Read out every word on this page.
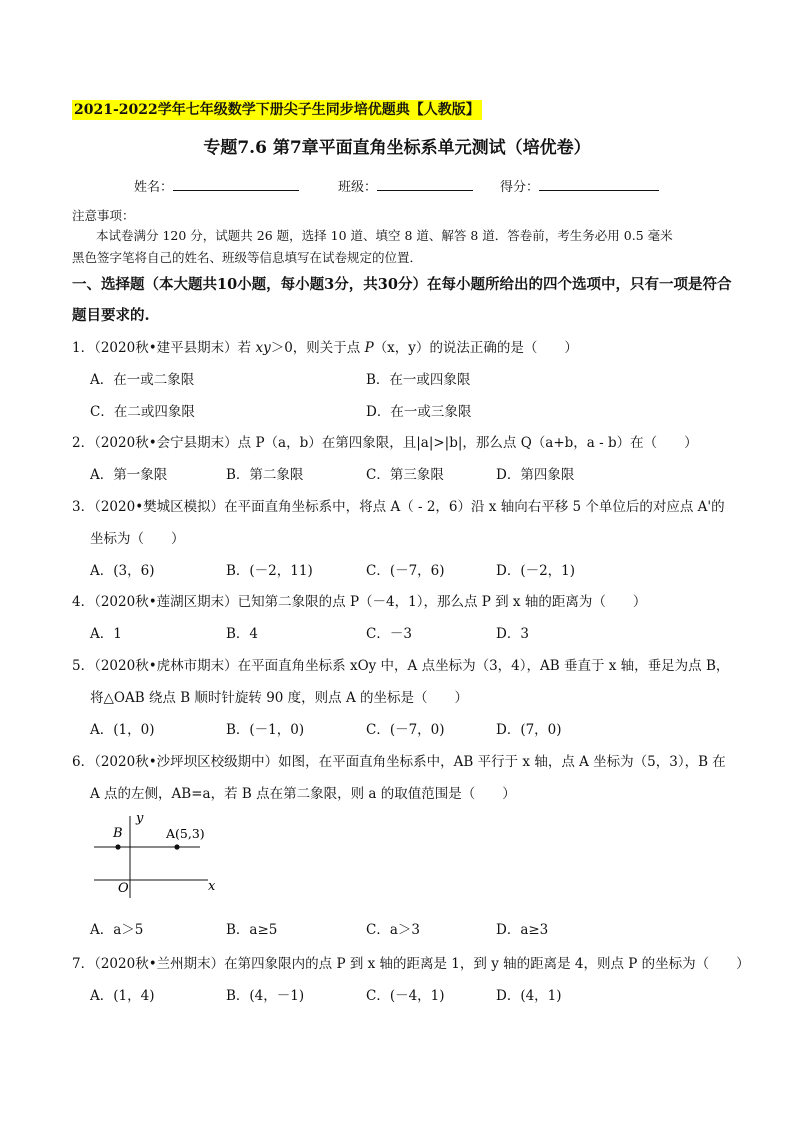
2021-2022学年七年级数学下册尖子生同步培优题典【人教版】
专题7.6 第7章平面直角坐标系单元测试（培优卷）
姓名：	班级：	得分：
注意事项：
本试卷满分 120 分，试题共 26 题，选择 10 道、填空 8 道、解答 8 道．答卷前，考生务必用 0.5 毫米
黑色签字笔将自己的姓名、班级等信息填写在试卷规定的位置．
一、选择题（本大题共10小题，每小题3分，共30分）在每小题所给出的四个选项中，只有一项是符合
题目要求的.
1．（2020秋•建平县期末）若 xy＞0，则关于点 P（x，y）的说法正确的是（　　）
A．在一或二象限	B．在一或四象限
C．在二或四象限	D．在一或三象限
2．（2020秋•会宁县期末）点 P（a，b）在第四象限，且|a|>|b|，那么点 Q（a+b，a - b）在（　　）
A．第一象限	B．第二象限	C．第三象限	D．第四象限
3．（2020•樊城区模拟）在平面直角坐标系中，将点 A（ - 2，6）沿 x 轴向右平移 5 个单位后的对应点 A'的
坐标为（　　）
A．(3，6)	B．(－2，11)	C．(－7，6)	D．(－2，1)
4．（2020秋•莲湖区期末）已知第二象限的点 P（－4，1），那么点 P 到 x 轴的距离为（　　）
A．1	B．4	C．－3	D．3
5．（2020秋•虎林市期末）在平面直角坐标系 xOy 中，A 点坐标为（3，4），AB 垂直于 x 轴，垂足为点 B，
将△OAB 绕点 B 顺时针旋转 90 度，则点 A 的坐标是（　　）
A．(1，0)	B．(－1，0)	C．(－7，0)	D．(7，0)
6．（2020秋•沙坪坝区校级期中）如图，在平面直角坐标系中，AB 平行于 x 轴，点 A 坐标为（5，3），B 在
A 点的左侧，AB=a，若 B 点在第二象限，则 a 的取值范围是（　　）
B	A(5,3)
y
x
O
A．a＞5	B．a≥5	C．a＞3	D．a≥3
7．（2020秋•兰州期末）在第四象限内的点 P 到 x 轴的距离是 1，到 y 轴的距离是 4，则点 P 的坐标为（　　）
A．(1，4)	B．(4，－1)	C．(－4，1)	D．(4，1)
